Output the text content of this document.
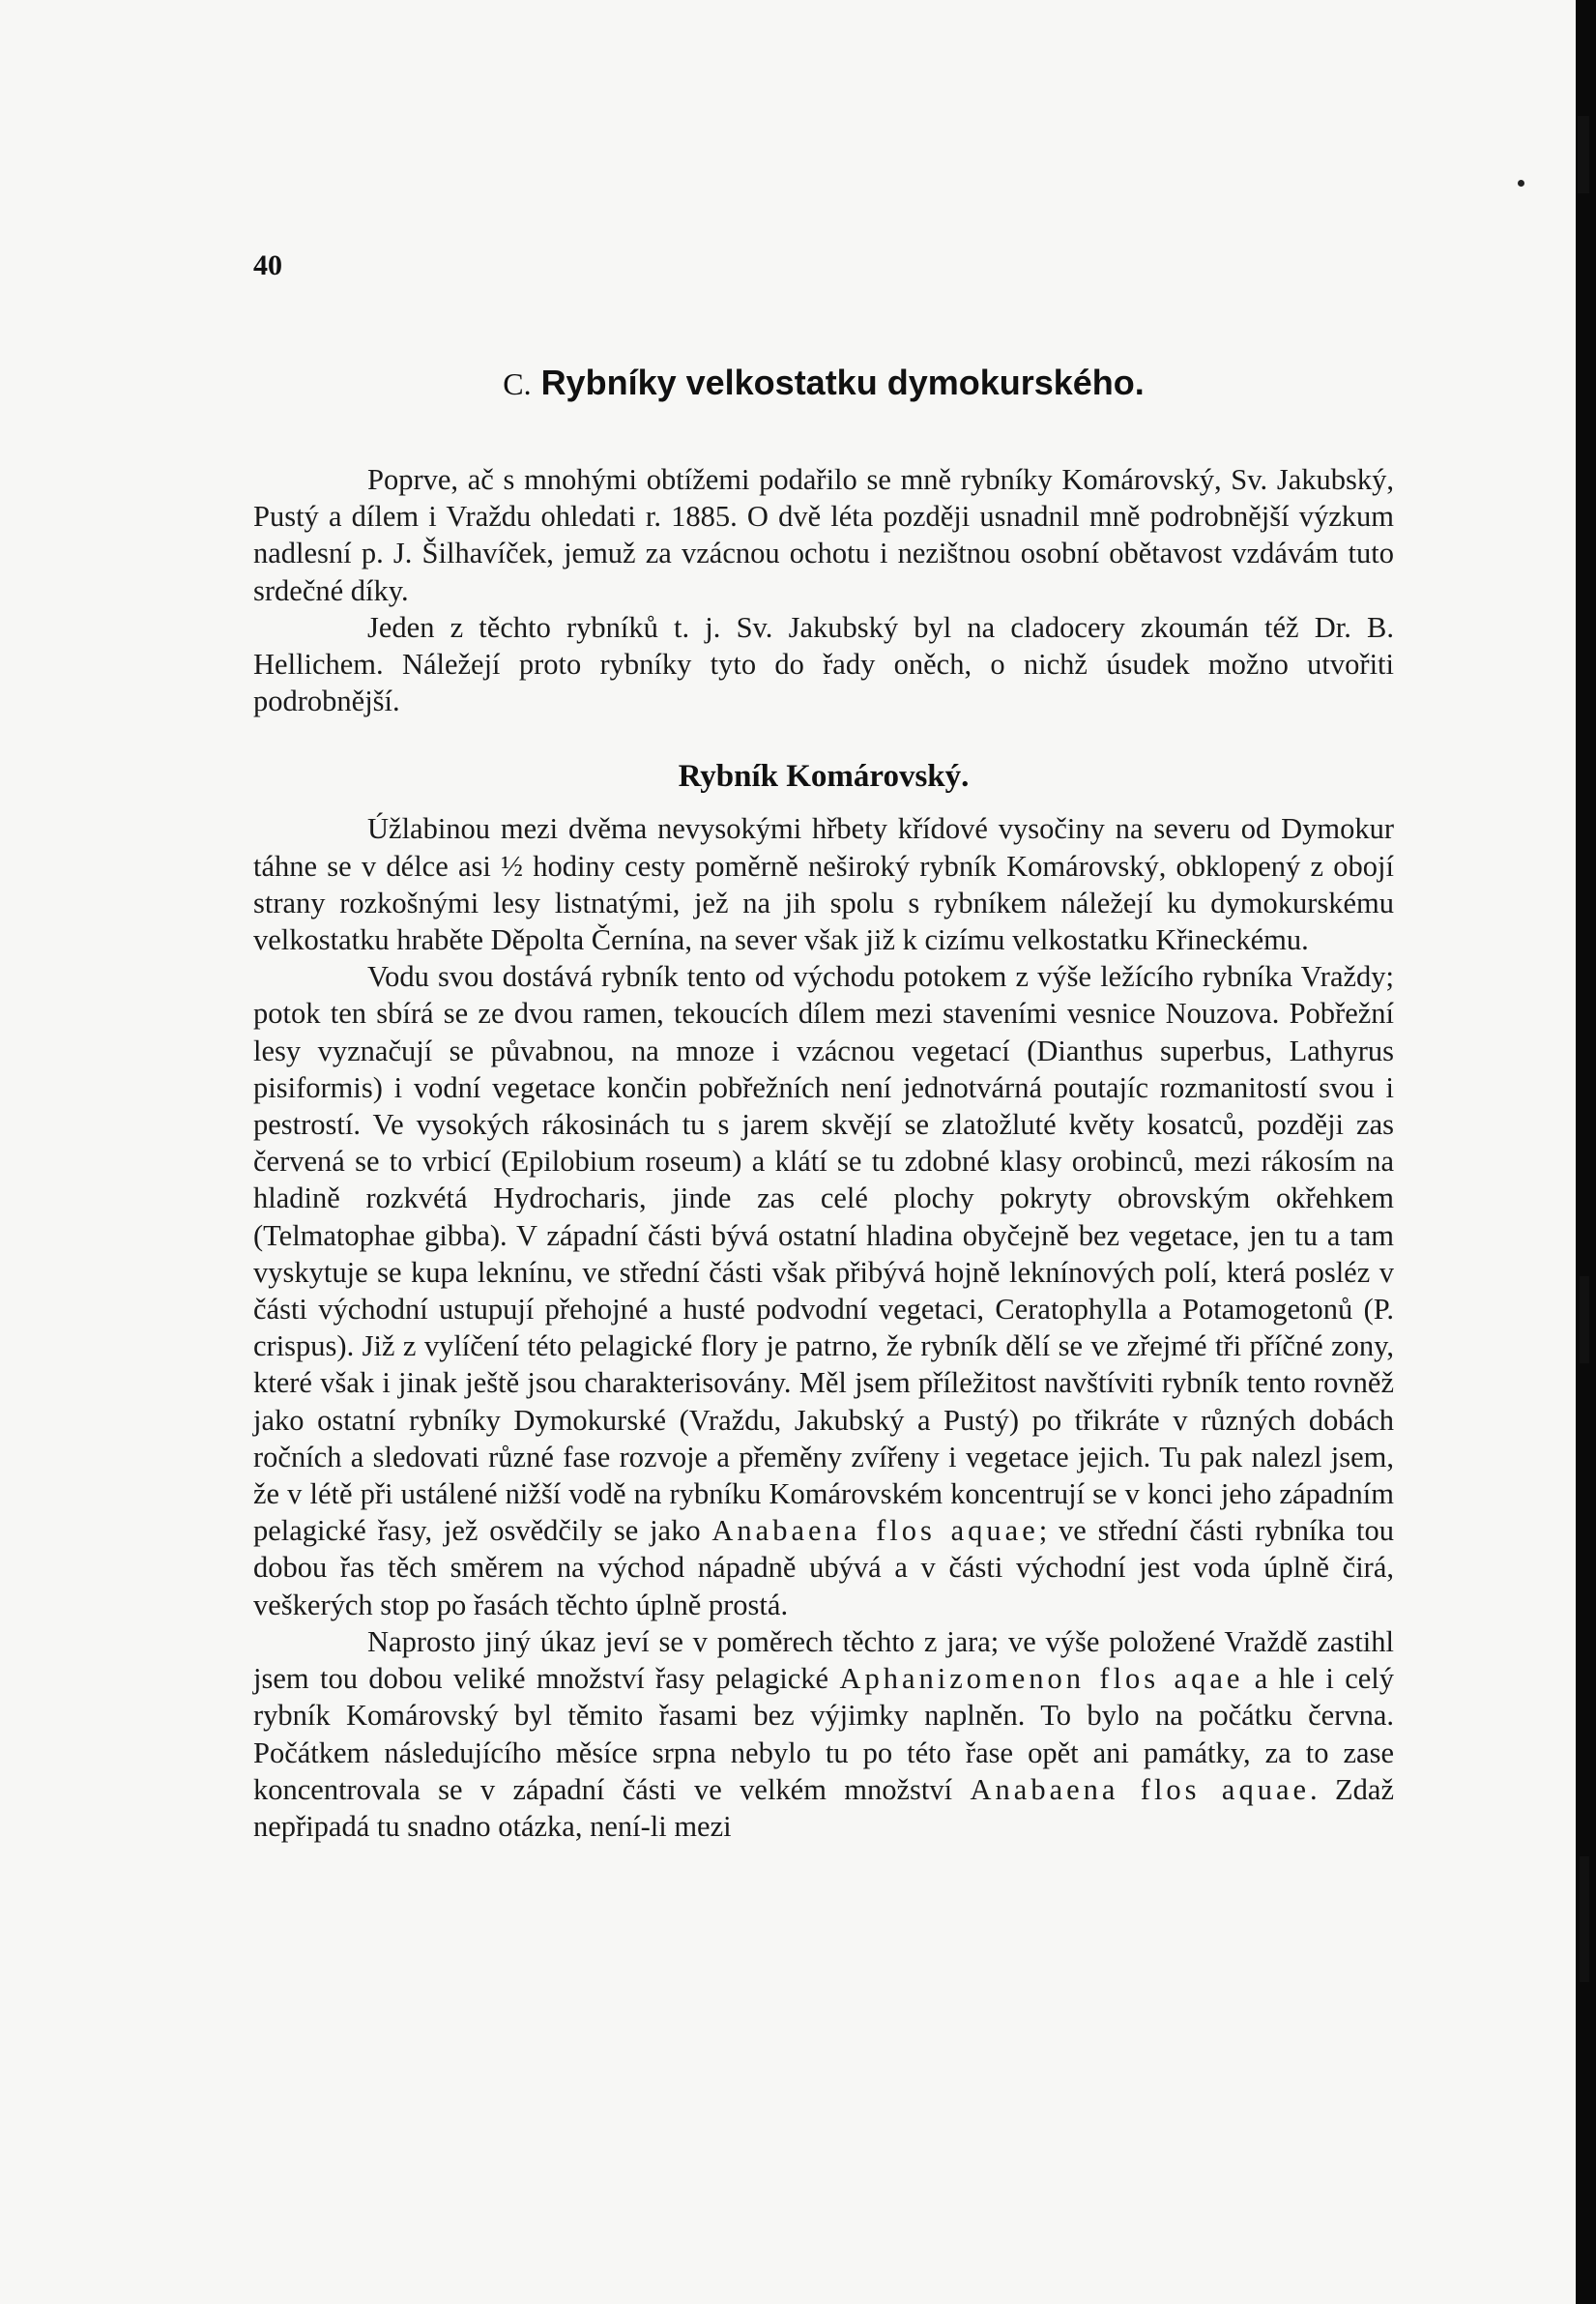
40
C. Rybníky velkostatku dymokurského.

Poprve, ač s mnohými obtížemi podařilo se mně rybníky Komárovský, Sv. Jakubský, Pustý a dílem i Vraždu ohledati r. 1885. O dvě léta později usnadnil mně podrobnější výzkum nadlesní p. J. Šilhavíček, jemuž za vzácnou ochotu i nezištnou osobní obětavost vzdávám tuto srdečné díky.

Jeden z těchto rybníků t. j. Sv. Jakubský byl na cladocery zkoumán též Dr. B. Hellichem. Náležejí proto rybníky tyto do řady oněch, o nichž úsudek možno utvořiti podrobnější.

Rybník Komárovský.

Úžlabinou mezi dvěma nevysokými hřbety křídové vysočiny na severu od Dymokur táhne se v délce asi ½ hodiny cesty poměrně neširoký rybník Komárovský, obklopený z obojí strany rozkošnými lesy listnatými, jež na jih spolu s rybníkem náležejí ku dymokurskému velkostatku hraběte Děpolta Černína, na sever však již k cizímu velkostatku Křineckému.

Vodu svou dostává rybník tento od východu potokem z výše ležícího rybníka Vraždy; potok ten sbírá se ze dvou ramen, tekoucích dílem mezi staveními vesnice Nouzova. Pobřežní lesy vyznačují se půvabnou, na mnoze i vzácnou vegetací (Dianthus superbus, Lathyrus pisiformis) i vodní vegetace končin pobřežních není jednotvárná poutajíc rozmanitostí svou i pestrostí. Ve vysokých rákosinách tu s jarem skvějí se zlatožluté květy kosatců, později zas červená se to vrbicí (Epilobium roseum) a klátí se tu zdobné klasy orobinců, mezi rákosím na hladině rozkvétá Hydrocharis, jinde zas celé plochy pokryty obrovským okřehkem (Telmatophae gibba). V západní části bývá ostatní hladina obyčejně bez vegetace, jen tu a tam vyskytuje se kupa leknínu, ve střední části však přibývá hojně leknínových polí, která posléz v části východní ustupují přehojné a husté podvodní vegetaci, Ceratophylla a Potamogetonů (P. crispus). Již z vylíčení této pelagické flory je patrno, že rybník dělí se ve zřejmé tři příčné zony, které však i jinak ještě jsou charakterisovány. Měl jsem příležitost navštíviti rybník tento rovněž jako ostatní rybníky Dymokurské (Vraždu, Jakubský a Pustý) po třikráte v různých dobách ročních a sledovati různé fase rozvoje a přeměny zvířeny i vegetace jejich. Tu pak nalezl jsem, že v létě při ustálené nižší vodě na rybníku Komárovském koncentrují se v konci jeho západním pelagické řasy, jež osvědčily se jako Anabaena flos aquae; ve střední části rybníka tou dobou řas těch směrem na východ nápadně ubývá a v části východní jest voda úplně čirá, veškerých stop po řasách těchto úplně prostá.

Naprosto jiný úkaz jeví se v poměrech těchto z jara; ve výše položené Vraždě zastihl jsem tou dobou veliké množství řasy pelagické Aphanizomenon flos aqae a hle i celý rybník Komárovský byl těmito řasami bez výjimky naplněn. To bylo na počátku června. Počátkem následujícího měsíce srpna nebylo tu po této řase opět ani památky, za to zase koncentrovala se v západní části ve velkém množství Anabaena flos aquae. Zdaž nepřipadá tu snadno otázka, není-li mezi
